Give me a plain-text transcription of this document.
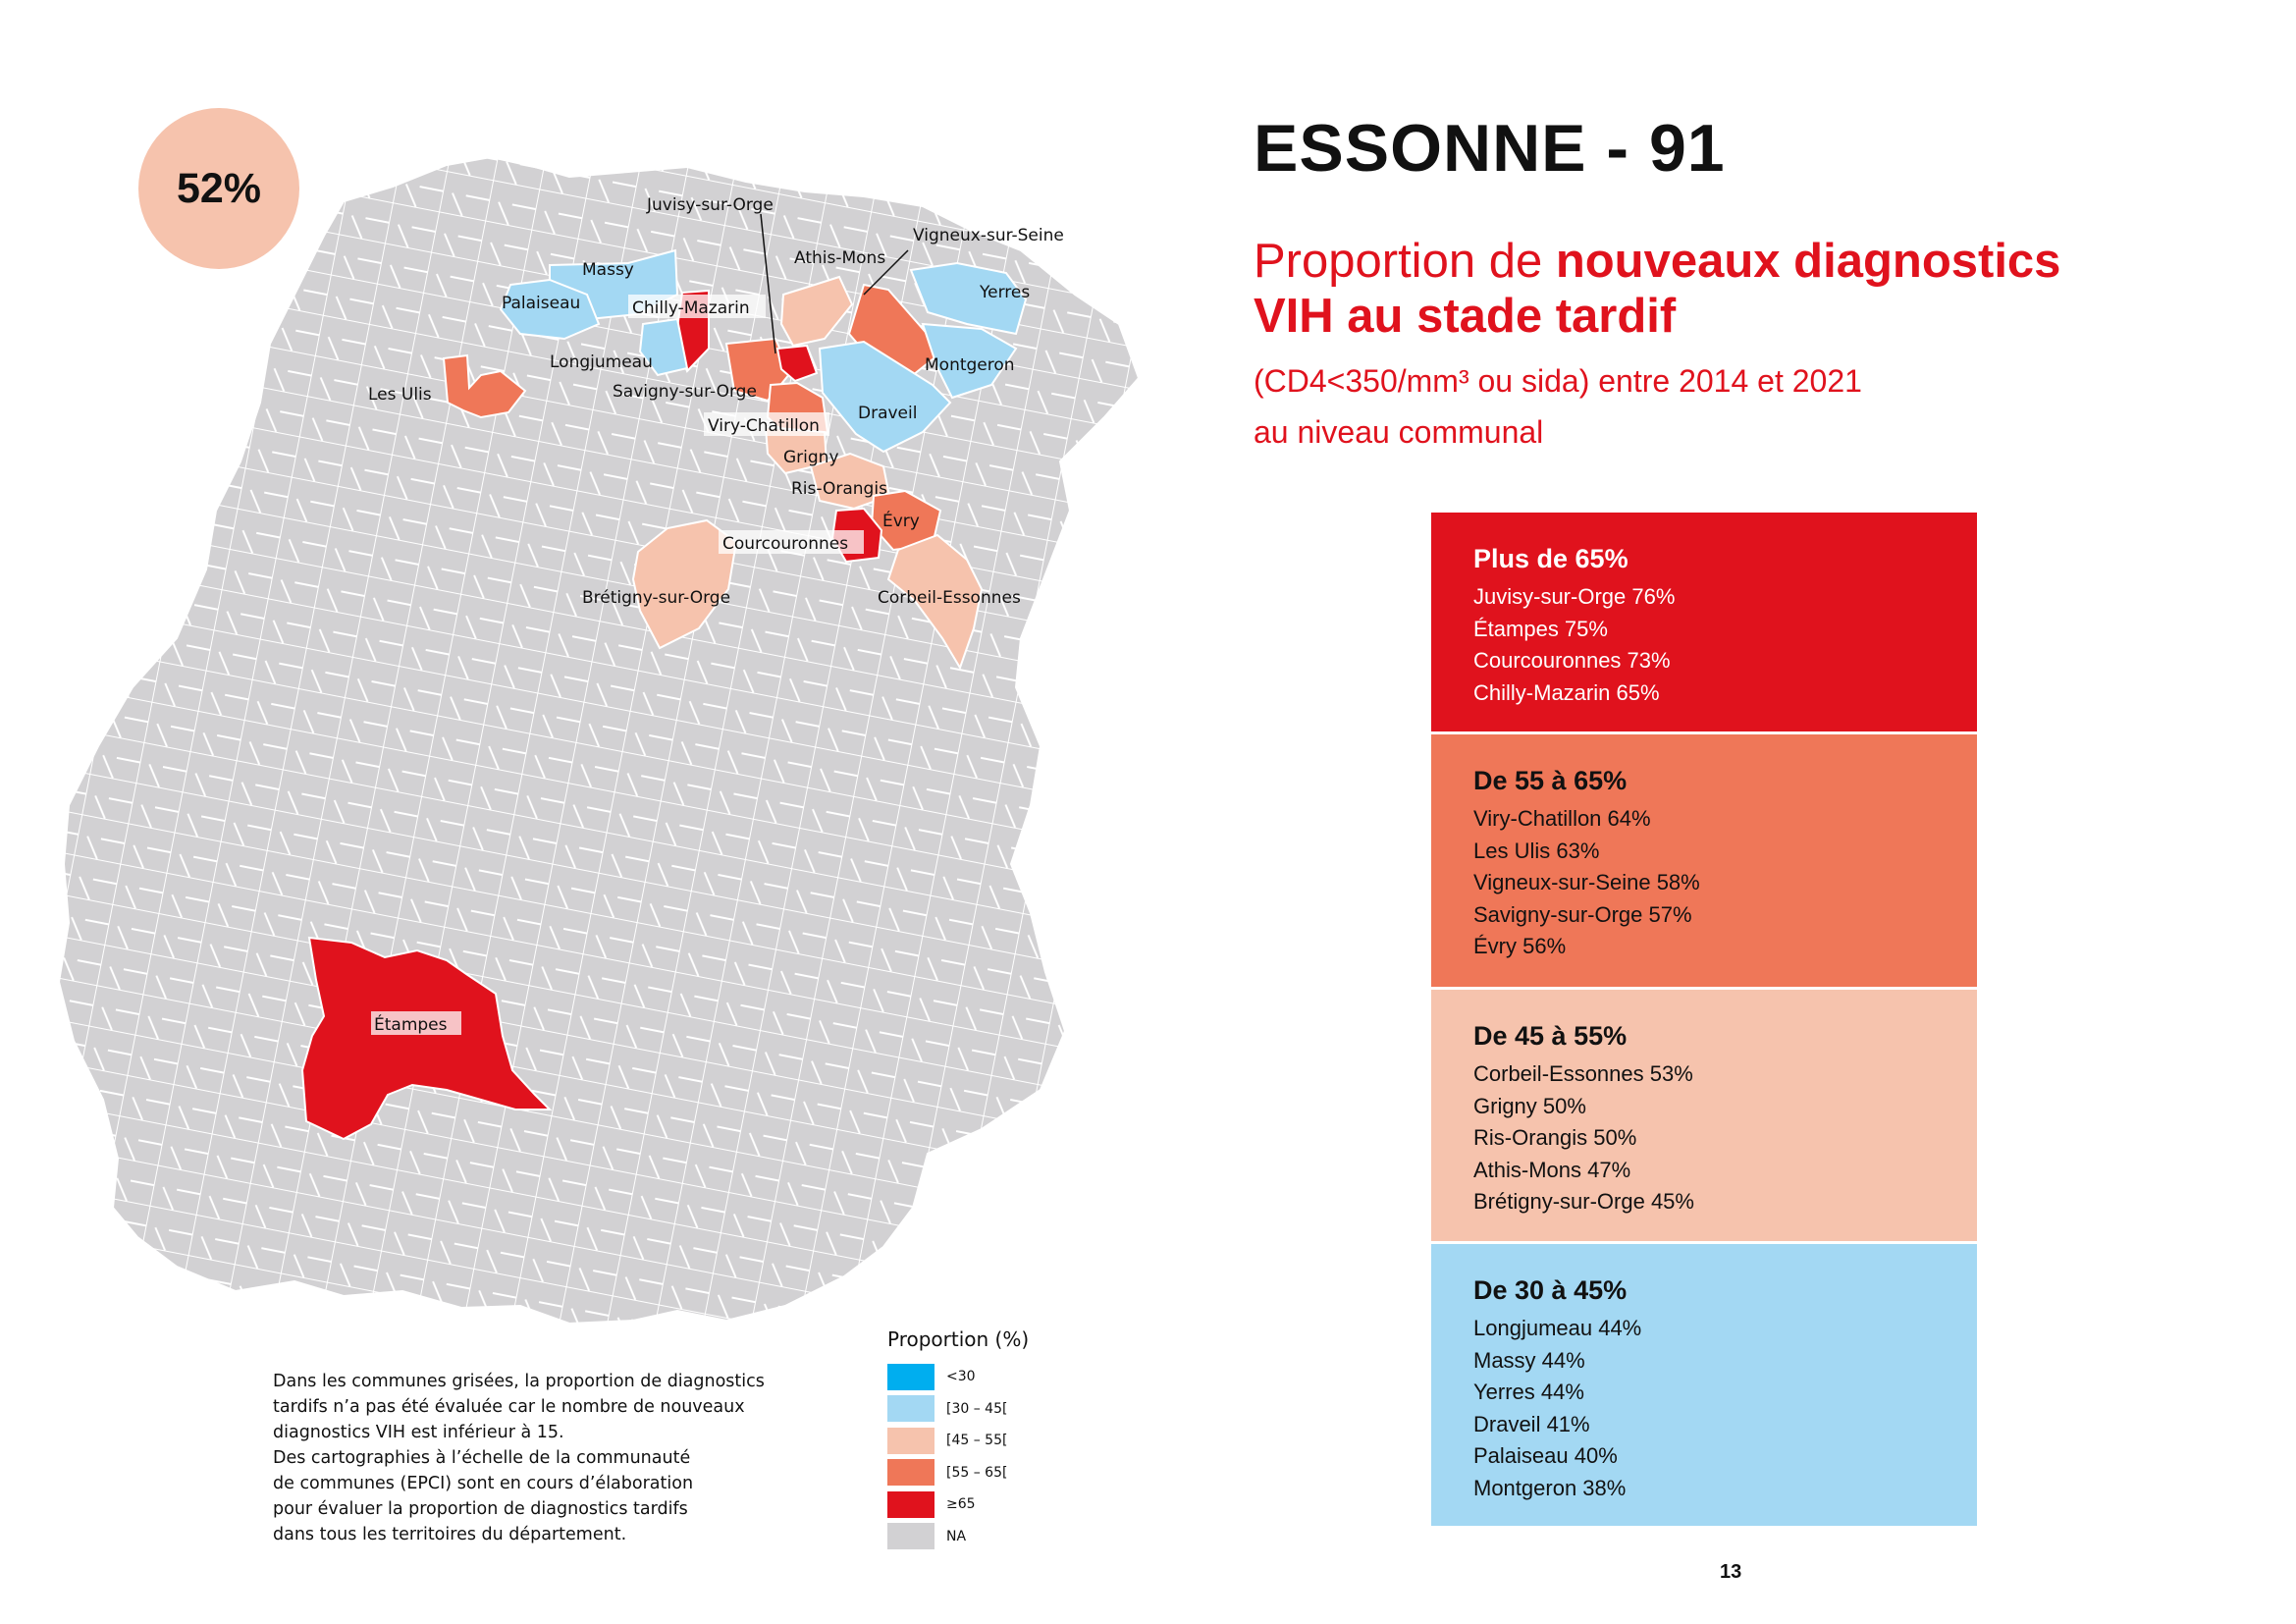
52%	Juvisy-sur-Orge
Athis-Mons
Vigneux-sur-Seine
Massy
Palaiseau	Chilly-Mazarin
Yerres
Longjumeau	Montgeron
Les Ulis	Savigny-sur-Orge
Draveil
Viry-Chatillon
Grigny
Ris-Orangis
Évry
Courcouronnes
Brétigny-sur-Orge	Corbeil-Essonnes
Étampes
ESSONNE - 91
Proportion de nouveaux diagnostics VIH au stade tardif
(CD4<350/mm³ ou sida) entre 2014 et 2021
au niveau communal
Plus de 65%
Juvisy-sur-Orge 76%
Étampes 75%
Courcouronnes 73%
Chilly-Mazarin 65%
De 55 à 65%
Viry-Chatillon 64%
Les Ulis 63%
Vigneux-sur-Seine 58%
Savigny-sur-Orge 57%
Évry 56%
De 45 à 55%
Corbeil-Essonnes 53%
Grigny 50%
Ris-Orangis 50%
Athis-Mons 47%
Brétigny-sur-Orge 45%
De 30 à 45%
Longjumeau 44%
Massy 44%
Yerres 44%
Draveil 41%
Palaiseau 40%
Montgeron 38%

Dans les communes grisées, la proportion de diagnostics

tardifs n’a pas été évaluée car le nombre de nouveaux

diagnostics VIH est inférieur à 15.

Des cartographies à l’échelle de la communauté

de communes (EPCI) sont en cours d’élaboration

pour évaluer la proportion de diagnostics tardifs

dans tous les territoires du département.

Proportion (%)
<30
[30 – 45[
[45 – 55[
[55 – 65[
≥65
NA
13
